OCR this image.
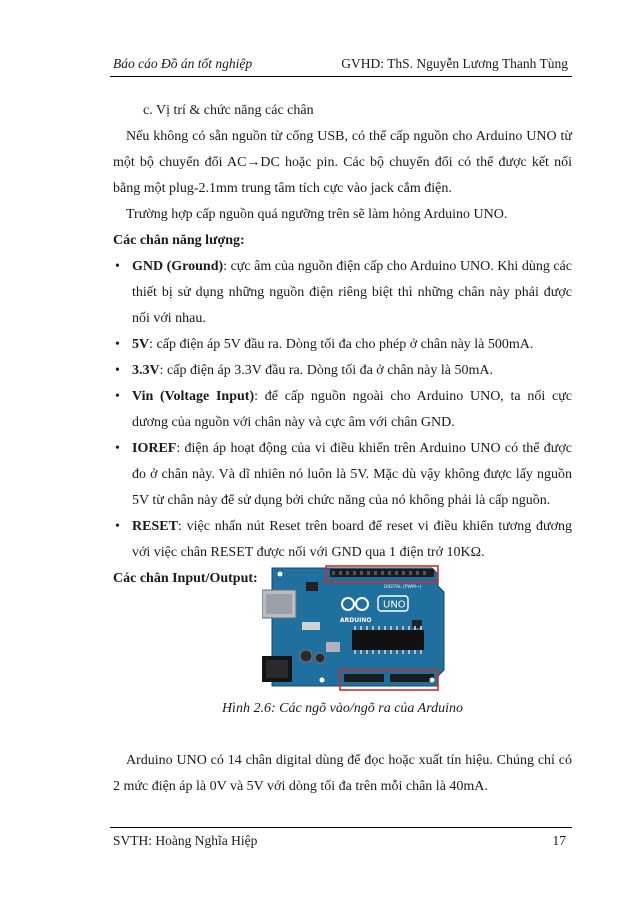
Báo cáo Đồ án tốt nghiệp	GVHD: ThS. Nguyễn Lương Thanh Tùng

c. Vị trí & chức năng các chân

Nếu không có sẵn nguồn từ cổng USB, có thể cấp nguồn cho Arduino UNO từ một bộ chuyển đổi AC→DC hoặc pin. Các bộ chuyển đổi có thể được kết nối bằng một plug-2.1mm trung tâm tích cực vào jack cắm điện.

Trường hợp cấp nguồn quá ngưỡng trên sẽ làm hỏng Arduino UNO.

Các chân năng lượng:

• GND (Ground): cực âm của nguồn điện cấp cho Arduino UNO. Khi dùng các thiết bị sử dụng những nguồn điện riêng biệt thì những chân này phải được nối với nhau.
• 5V: cấp điện áp 5V đầu ra. Dòng tối đa cho phép ở chân này là 500mA.
• 3.3V: cấp điện áp 3.3V đầu ra. Dòng tối đa ở chân này là 50mA.
• Vin (Voltage Input): để cấp nguồn ngoài cho Arduino UNO, ta nối cực dương của nguồn với chân này và cực âm với chân GND.
• IOREF: điện áp hoạt động của vi điều khiển trên Arduino UNO có thể được đo ở chân này. Và dĩ nhiên nó luôn là 5V. Mặc dù vậy không được lấy nguồn 5V từ chân này để sử dụng bởi chức năng của nó không phải là cấp nguồn.
• RESET: việc nhấn nút Reset trên board để reset vi điều khiển tương đương với việc chân RESET được nối với GND qua 1 điện trở 10KΩ.

Các chân Input/Output:

DIGITAL (PWM~)
ARDUINO
UNO
Hình 2.6: Các ngõ vào/ngõ ra của Arduino

Arduino UNO có 14 chân digital dùng để đọc hoặc xuất tín hiệu. Chúng chỉ có 2 mức điện áp là 0V và 5V với dòng tối đa trên mỗi chân là 40mA.

SVTH: Hoàng Nghĩa Hiệp	17
